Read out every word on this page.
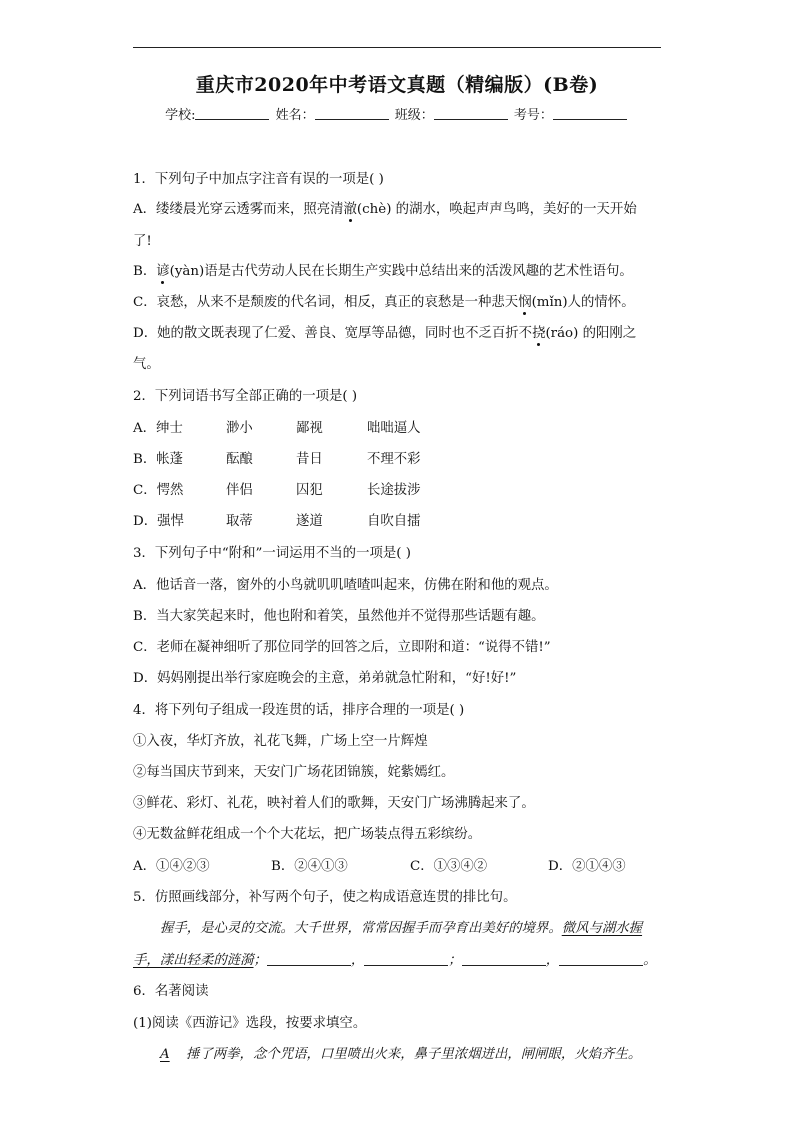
重庆市2020年中考语文真题（精编版）(B卷)
学校:	姓名：	班级：	考号：
1．下列句子中加点字注音有误的一项是( )
A．缕缕晨光穿云透雾而来，照亮清澈(chè) 的湖水，唤起声声鸟鸣，美好的一天开始
了!
B．谚(yàn)语是古代劳动人民在长期生产实践中总结出来的活泼风趣的艺术性语句。
C．哀愁，从来不是颓废的代名词，相反，真正的哀愁是一种悲天悯(mǐn)人的情怀。
D．她的散文既表现了仁爱、善良、宽厚等品德，同时也不乏百折不挠(ráo) 的阳刚之
气。
2．下列词语书写全部正确的一项是( )
A．绅士	渺小	鄙视	咄咄逼人
B．帐蓬	酝酿	昔日	不理不彩
C．愕然	伴侣	囚犯	长途拔涉
D．强悍	取蒂	遂道	自吹自擂
3．下列句子中“附和”一词运用不当的一项是( )
A．他话音一落，窗外的小鸟就叽叽喳喳叫起来，仿佛在附和他的观点。
B．当大家笑起来时，他也附和着笑，虽然他并不觉得那些话题有趣。
C．老师在凝神细听了那位同学的回答之后，立即附和道：“说得不错!”
D．妈妈刚提出举行家庭晚会的主意，弟弟就急忙附和，“好!好!”
4．将下列句子组成一段连贯的话，排序合理的一项是( )
①入夜，华灯齐放，礼花飞舞，广场上空一片辉煌
②每当国庆节到来，天安门广场花团锦簇，姹紫嫣红。
③鲜花、彩灯、礼花，映衬着人们的歌舞，天安门广场沸腾起来了。
④无数盆鲜花组成一个个大花坛，把广场装点得五彩缤纷。
A．①④②③	B．②④①③	C．①③④②	D．②①④③
5．仿照画线部分，补写两个句子，使之构成语意连贯的排比句。
握手，是心灵的交流。大千世界，常常因握手而孕育出美好的境界。微风与湖水握
手，漾出轻柔的涟漪；	，	；	，	。
6．名著阅读
(1)阅读《西游记》选段，按要求填空。
A 捶了两拳，念个咒语，口里喷出火来，鼻子里浓烟迸出，闸闸眼，火焰齐生。
